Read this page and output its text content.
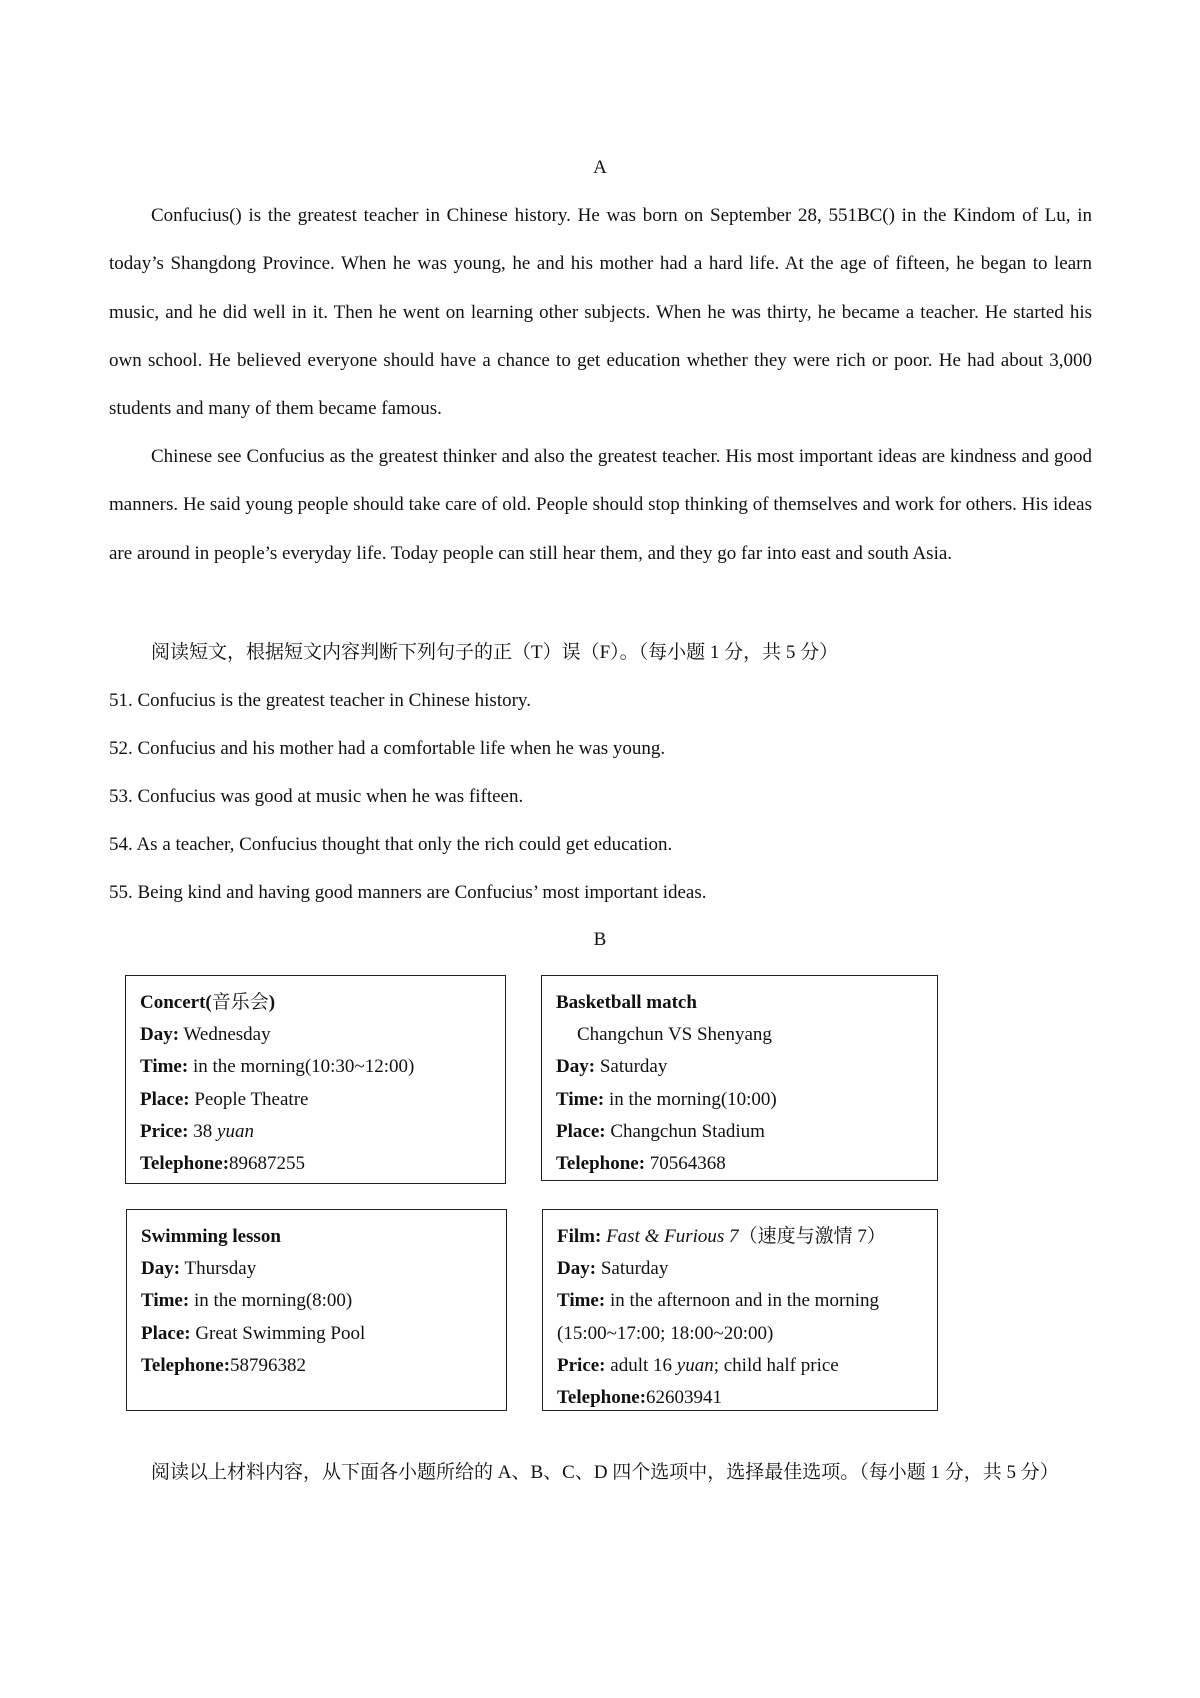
A

Confucius() is the greatest teacher in Chinese history. He was born on September 28, 551BC() in the Kindom of Lu, in today’s Shangdong Province. When he was young, he and his mother had a hard life. At the age of fifteen, he began to learn music, and he did well in it. Then he went on learning other subjects. When he was thirty, he became a teacher. He started his own school. He believed everyone should have a chance to get education whether they were rich or poor. He had about 3,000 students and many of them became famous.

Chinese see Confucius as the greatest thinker and also the greatest teacher. His most important ideas are kindness and good manners. He said young people should take care of old. People should stop thinking of themselves and work for others. His ideas are around in people’s everyday life. Today people can still hear them, and they go far into east and south Asia.

阅读短文，根据短文内容判断下列句子的正（T）误（F）。（每小题 1 分，共 5 分）
51. Confucius is the greatest teacher in Chinese history.
52. Confucius and his mother had a comfortable life when he was young.
53. Confucius was good at music when he was fifteen.
54. As a teacher, Confucius thought that only the rich could get education.
55. Being kind and having good manners are Confucius’ most important ideas.
B
Concert(音乐会)
Day: Wednesday
Time: in the morning(10:30~12:00)
Place: People Theatre
Price: 38 yuan
Telephone:89687255
Basketball match
Changchun VS Shenyang
Day: Saturday
Time: in the morning(10:00)
Place: Changchun Stadium
Telephone: 70564368
Swimming lesson
Day: Thursday
Time: in the morning(8:00)
Place: Great Swimming Pool
Telephone:58796382
Film: Fast & Furious 7（速度与激情 7）
Day: Saturday
Time: in the afternoon and in the morning
(15:00~17:00; 18:00~20:00)
Price: adult 16 yuan; child half price
Telephone:62603941

阅读以上材料内容，从下面各小题所给的 A、B、C、D 四个选项中，选择最佳选项。（每小题 1 分，共 5 分）
